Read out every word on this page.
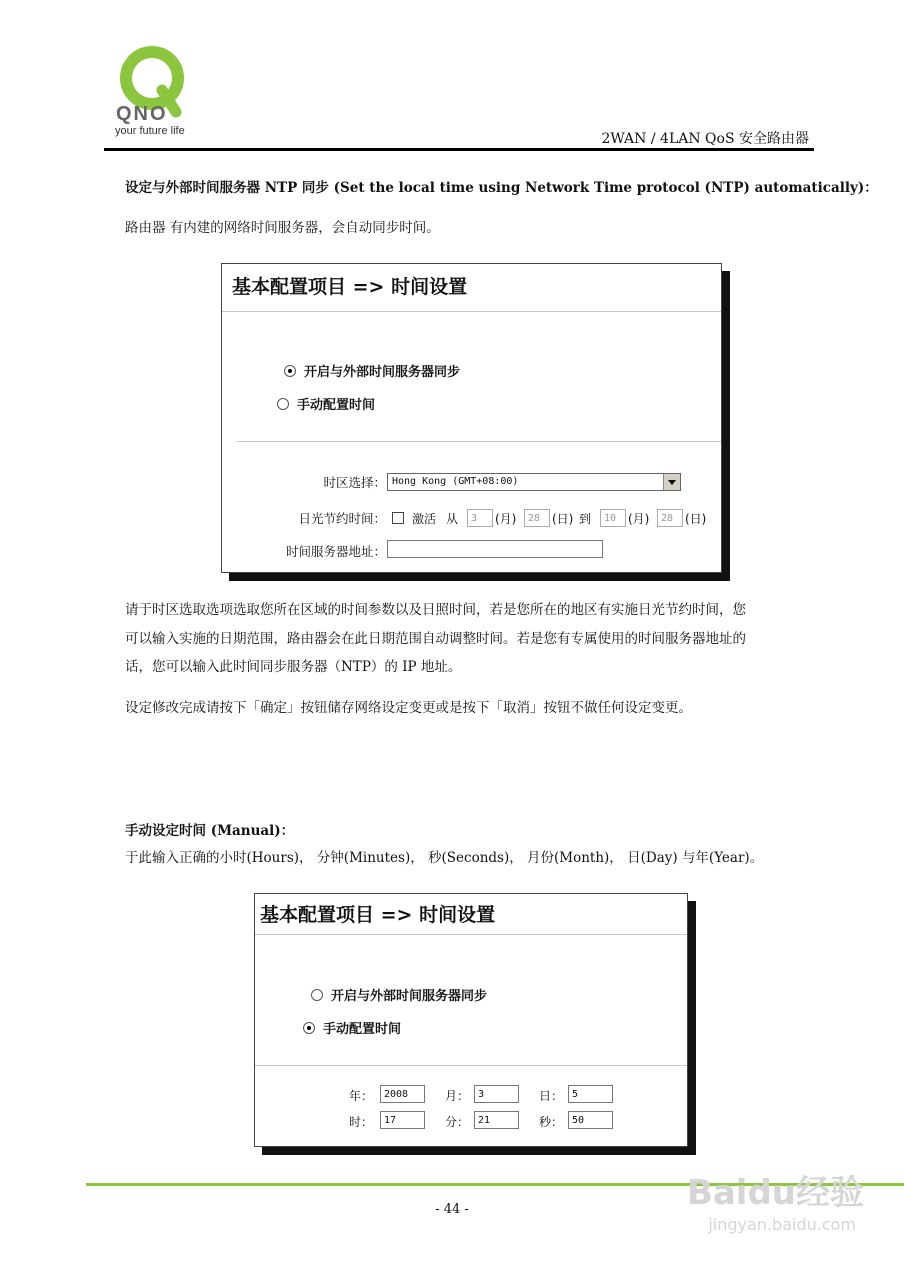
QNO
your future life	2WAN / 4LAN QoS 安全路由器
设定与外部时间服务器 NTP 同步 (Set the local time using Network Time protocol (NTP) automatically)：
路由器 有内建的网络时间服务器，会自动同步时间。
基本配置项目 => 时间设置
开启与外部时间服务器同步
手动配置时间
时区选择： Hong Kong (GMT+08:00)
日光节约时间： 激活 从	3	(月)	28 (日) 到	10 (月)	28 (日)
时间服务器地址：
请于时区选取选项选取您所在区域的时间参数以及日照时间，若是您所在的地区有实施日光节约时间，您
可以输入实施的日期范围，路由器会在此日期范围自动调整时间。若是您有专属使用的时间服务器地址的
话，您可以输入此时间同步服务器（NTP）的 IP 地址。
设定修改完成请按下「确定」按钮储存网络设定变更或是按下「取消」按钮不做任何设定变更。
手动设定时间 (Manual)：
于此输入正确的小时(Hours)， 分钟(Minutes)， 秒(Seconds)， 月份(Month)， 日(Day) 与年(Year)。
基本配置项目 => 时间设置
开启与外部时间服务器同步
手动配置时间
年：	2008	月： 3	日： 5
时：	17	分： 21	秒： 50
- 44 -	Baidu经验
jingyan.baidu.com
